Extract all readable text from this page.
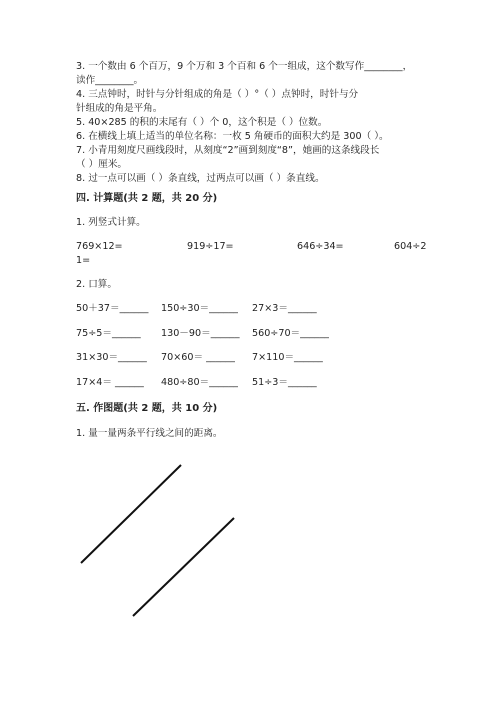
3. 一个数由 6 个百万，9 个万和 3 个百和 6 个一组成，这个数写作________，
读作________。
4. 三点钟时，时针与分针组成的角是（ ）°（ ）点钟时，时针与分
针组成的角是平角。
5. 40×285 的积的末尾有（ ）个 0，这个积是（ ）位数。
6. 在横线上填上适当的单位名称：一枚 5 角硬币的面积大约是 300（ ）。
7. 小青用刻度尺画线段时，从刻度“2”画到刻度“8”，她画的这条线段长
（ ）厘米。
8. 过一点可以画（ ）条直线，过两点可以画（ ）条直线。
四. 计算题(共 2 题，共 20 分)
1. 列竖式计算。
769×12=	919÷17=	646÷34=	604÷2
1=
2. 口算。
50＋37＝______ 150÷30＝______ 27×3＝______
75÷5＝______ 130－90＝______ 560÷70＝______
31×30＝______ 70×60＝ ______ 7×110＝______
17×4＝ ______ 480÷80＝______ 51÷3＝______
五. 作图题(共 2 题，共 10 分)
1. 量一量两条平行线之间的距离。
